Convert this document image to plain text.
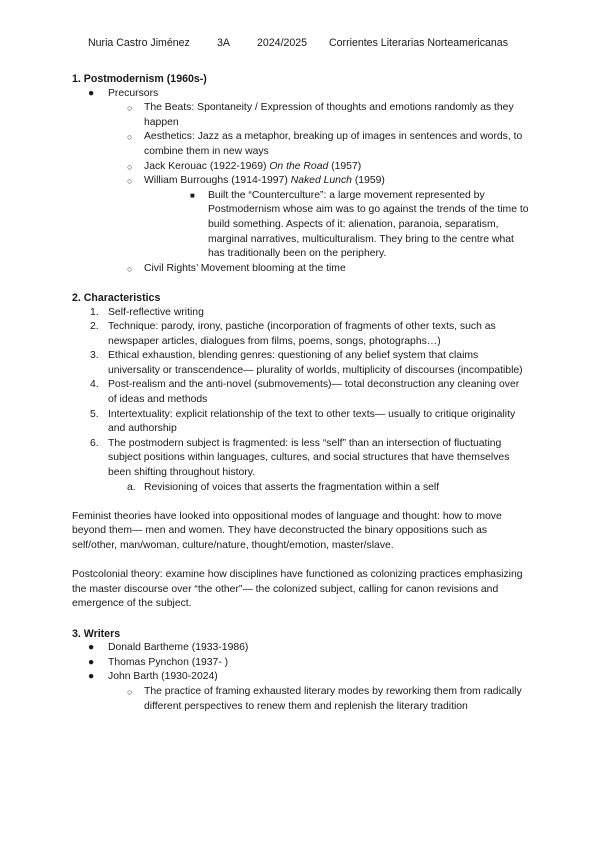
Nuria Castro Jiménez	3A	2024/2025 Corrientes Literarias Norteamericanas
1. Postmodernism (1960s-)
● Precursors
○ The Beats: Spontaneity / Expression of thoughts and emotions randomly as they happen
○ Aesthetics: Jazz as a metaphor, breaking up of images in sentences and words, to combine them in new ways
○ Jack Kerouac (1922-1969) On the Road (1957)
○ William Burroughs (1914-1997) Naked Lunch (1959)
■ Built the “Counterculture”: a large movement represented by Postmodernism whose aim was to go against the trends of the time to build something. Aspects of it: alienation, paranoia, separatism, marginal narratives, multiculturalism. They bring to the centre what has traditionally been on the periphery.
○ Civil Rights’ Movement blooming at the time
2. Characteristics
1. Self-reflective writing
2. Technique: parody, irony, pastiche (incorporation of fragments of other texts, such as newspaper articles, dialogues from films, poems, songs, photographs…)
3. Ethical exhaustion, blending genres: questioning of any belief system that claims universality or transcendence— plurality of worlds, multiplicity of discourses (incompatible)
4. Post-realism and the anti-novel (submovements)— total deconstruction any cleaning over of ideas and methods
5. Intertextuality: explicit relationship of the text to other texts— usually to critique originality and authorship
6. The postmodern subject is fragmented: is less “self” than an intersection of fluctuating subject positions within languages, cultures, and social structures that have themselves been shifting throughout history.
a. Revisioning of voices that asserts the fragmentation within a self

Feminist theories have looked into oppositional modes of language and thought: how to move beyond them— men and women. They have deconstructed the binary oppositions such as self/other, man/woman, culture/nature, thought/emotion, master/slave.

Postcolonial theory: examine how disciplines have functioned as colonizing practices emphasizing the master discourse over “the other”— the colonized subject, calling for canon revisions and emergence of the subject.

3. Writers
● Donald Bartheme (1933-1986)
● Thomas Pynchon (1937- )
● John Barth (1930-2024)
○ The practice of framing exhausted literary modes by reworking them from radically different perspectives to renew them and replenish the literary tradition
